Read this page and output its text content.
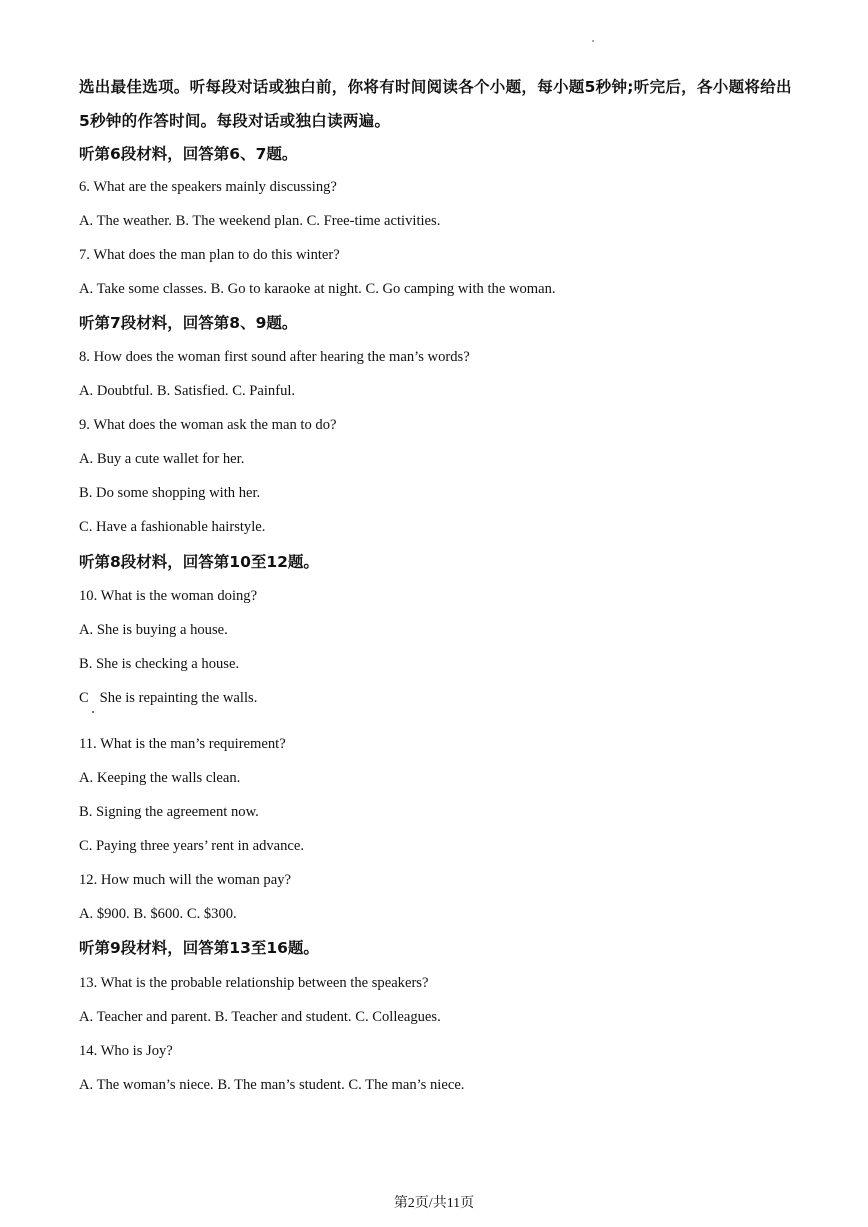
选出最佳选项。听每段对话或独白前，你将有时间阅读各个小题，每小题5秒钟;听完后，各小题将给出5秒钟的作答时间。每段对话或独白读两遍。
听第6段材料，回答第6、7题。
6. What are the speakers mainly discussing?
A. The weather. B. The weekend plan. C. Free-time activities.
7. What does the man plan to do this winter?
A. Take some classes. B. Go to karaoke at night. C. Go camping with the woman.
听第7段材料，回答第8、9题。
8. How does the woman first sound after hearing the man’s words?
A. Doubtful. B. Satisfied. C. Painful.
9. What does the woman ask the man to do?
A. Buy a cute wallet for her.
B. Do some shopping with her.
C. Have a fashionable hairstyle.
听第8段材料，回答第10至12题。
10. What is the woman doing?
A. She is buying a house.
B. She is checking a house.
C   She is repainting the walls.
11. What is the man’s requirement?
A. Keeping the walls clean.
B. Signing the agreement now.
C. Paying three years’ rent in advance.
12. How much will the woman pay?
A. $900. B. $600. C. $300.
听第9段材料，回答第13至16题。
13. What is the probable relationship between the speakers?
A. Teacher and parent. B. Teacher and student. C. Colleagues.
14. Who is Joy?
A. The woman’s niece. B. The man’s student. C. The man’s niece.
第2页/共11页
